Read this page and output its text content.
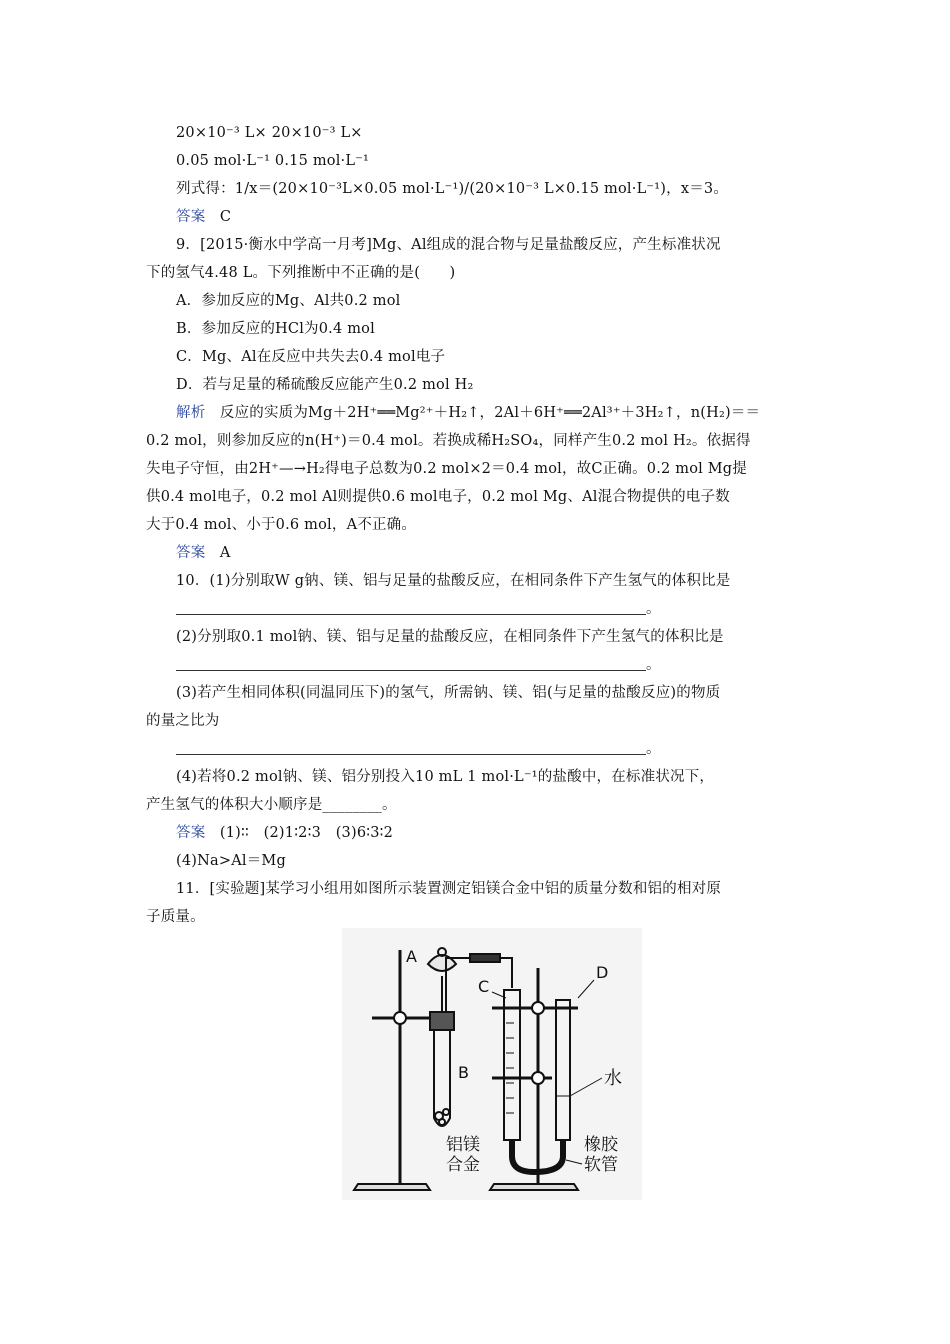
20×10⁻³ L× 20×10⁻³ L×
0.05 mol·L⁻¹ 0.15 mol·L⁻¹
列式得：1/x＝(20×10⁻³L×0.05 mol·L⁻¹)/(20×10⁻³ L×0.15 mol·L⁻¹)，x＝3。
答案 C
9．[2015·衡水中学高一月考]Mg、Al组成的混合物与足量盐酸反应，产生标准状况
下的氢气4.48 L。下列推断中不正确的是(　　)
A．参加反应的Mg、Al共0.2 mol
B．参加反应的HCl为0.4 mol
C．Mg、Al在反应中共失去0.4 mol电子
D．若与足量的稀硫酸反应能产生0.2 mol H₂
解析 反应的实质为Mg＋2H⁺══Mg²⁺＋H₂↑，2Al＋6H⁺══2Al³⁺＋3H₂↑，n(H₂)＝＝
0.2 mol，则参加反应的n(H⁺)＝0.4 mol。若换成稀H₂SO₄，同样产生0.2 mol H₂。依据得
失电子守恒，由2H⁺—→H₂得电子总数为0.2 mol×2＝0.4 mol，故C正确。0.2 mol Mg提
供0.4 mol电子，0.2 mol Al则提供0.6 mol电子，0.2 mol Mg、Al混合物提供的电子数
大于0.4 mol、小于0.6 mol，A不正确。
答案 A
10．(1)分别取W g钠、镁、铝与足量的盐酸反应，在相同条件下产生氢气的体积比是
。
(2)分别取0.1 mol钠、镁、铝与足量的盐酸反应，在相同条件下产生氢气的体积比是
。
(3)若产生相同体积(同温同压下)的氢气，所需钠、镁、铝(与足量的盐酸反应)的物质
的量之比为
。
(4)若将0.2 mol钠、镁、铝分别投入10 mL 1 mol·L⁻¹的盐酸中，在标准状况下，
产生氢气的体积大小顺序是________。
答案 (1)∶∶　(2)1∶2∶3　(3)6∶3∶2
(4)Na>Al＝Mg
11．[实验题]某学习小组用如图所示装置测定铝镁合金中铝的质量分数和铝的相对原
子质量。
A
B
C
D
水
铝镁
合金
橡胶
软管
